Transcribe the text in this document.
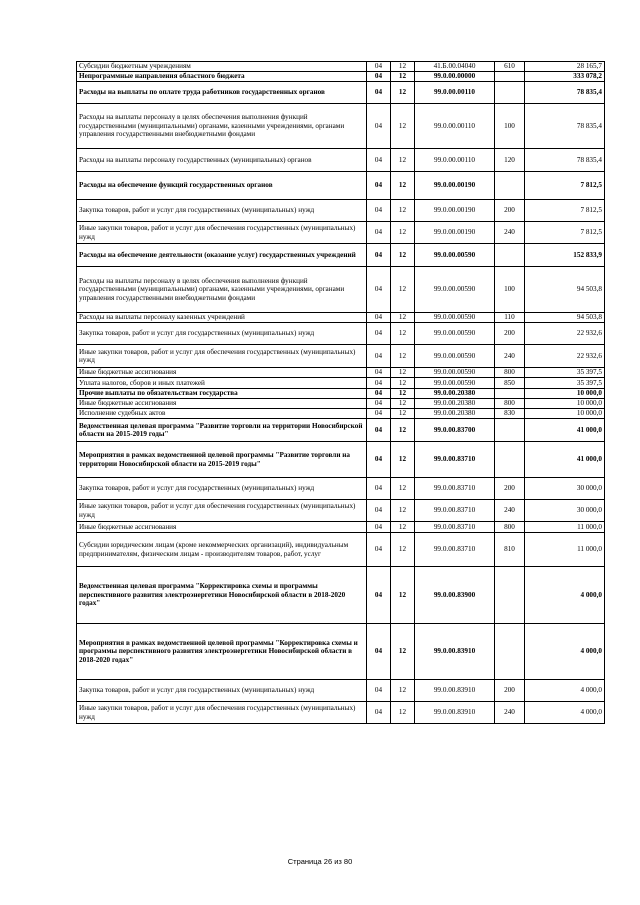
Субсидии бюджетным учреждениям	04	12	41.Б.00.04040	610	28 165,7
Непрограммные направления областного бюджета	04	12	99.0.00.00000		333 078,2
Расходы на выплаты по оплате труда работников государственных органов	04	12	99.0.00.00110		78 835,4
Расходы на выплаты персоналу в целях обеспечения выполнения функций государственными (муниципальными) органами, казенными учреждениями, органами управления государственными внебюджетными фондами	04	12	99.0.00.00110	100	78 835,4
Расходы на выплаты персоналу государственных (муниципальных) органов	04	12	99.0.00.00110	120	78 835,4
Расходы на обеспечение функций государственных органов	04	12	99.0.00.00190		7 812,5
Закупка товаров, работ и услуг для государственных (муниципальных) нужд	04	12	99.0.00.00190	200	7 812,5
Иные закупки товаров, работ и услуг для обеспечения государственных (муниципальных) нужд	04	12	99.0.00.00190	240	7 812,5
Расходы на обеспечение деятельности (оказание услуг) государственных учреждений	04	12	99.0.00.00590		152 833,9
Расходы на выплаты персоналу в целях обеспечения выполнения функций государственными (муниципальными) органами, казенными учреждениями, органами управления государственными внебюджетными фондами	04	12	99.0.00.00590	100	94 503,8
Расходы на выплаты персоналу казенных учреждений	04	12	99.0.00.00590	110	94 503,8
Закупка товаров, работ и услуг для государственных (муниципальных) нужд	04	12	99.0.00.00590	200	22 932,6
Иные закупки товаров, работ и услуг для обеспечения государственных (муниципальных) нужд	04	12	99.0.00.00590	240	22 932,6
Иные бюджетные ассигнования	04	12	99.0.00.00590	800	35 397,5
Уплата налогов, сборов и иных платежей	04	12	99.0.00.00590	850	35 397,5
Прочие выплаты по обязательствам государства	04	12	99.0.00.20380		10 000,0
Иные бюджетные ассигнования	04	12	99.0.00.20380	800	10 000,0
Исполнение судебных актов	04	12	99.0.00.20380	830	10 000,0
Ведомственная целевая программа "Развитие торговли на территории Новосибирской области на 2015-2019 годы"	04	12	99.0.00.83700		41 000,0
Мероприятия в рамках ведомственной целевой программы "Развитие торговли на территории Новосибирской области на 2015-2019 годы"	04	12	99.0.00.83710		41 000,0
Закупка товаров, работ и услуг для государственных (муниципальных) нужд	04	12	99.0.00.83710	200	30 000,0
Иные закупки товаров, работ и услуг для обеспечения государственных (муниципальных) нужд	04	12	99.0.00.83710	240	30 000,0
Иные бюджетные ассигнования	04	12	99.0.00.83710	800	11 000,0
Субсидии юридическим лицам (кроме некоммерческих организаций), индивидуальным предпринимателям, физическим лицам - производителям товаров, работ, услуг	04	12	99.0.00.83710	810	11 000,0
Ведомственная целевая программа "Корректировка схемы и программы перспективного развития электроэнергетики Новосибирской области в 2018-2020 годах"	04	12	99.0.00.83900		4 000,0
Мероприятия в рамках ведомственной целевой программы "Корректировка схемы и программы перспективного развития электроэнергетики Новосибирской области в 2018-2020 годах"	04	12	99.0.00.83910		4 000,0
Закупка товаров, работ и услуг для государственных (муниципальных) нужд	04	12	99.0.00.83910	200	4 000,0
Иные закупки товаров, работ и услуг для обеспечения государственных (муниципальных) нужд	04	12	99.0.00.83910	240	4 000,0
Страница 26 из 80
